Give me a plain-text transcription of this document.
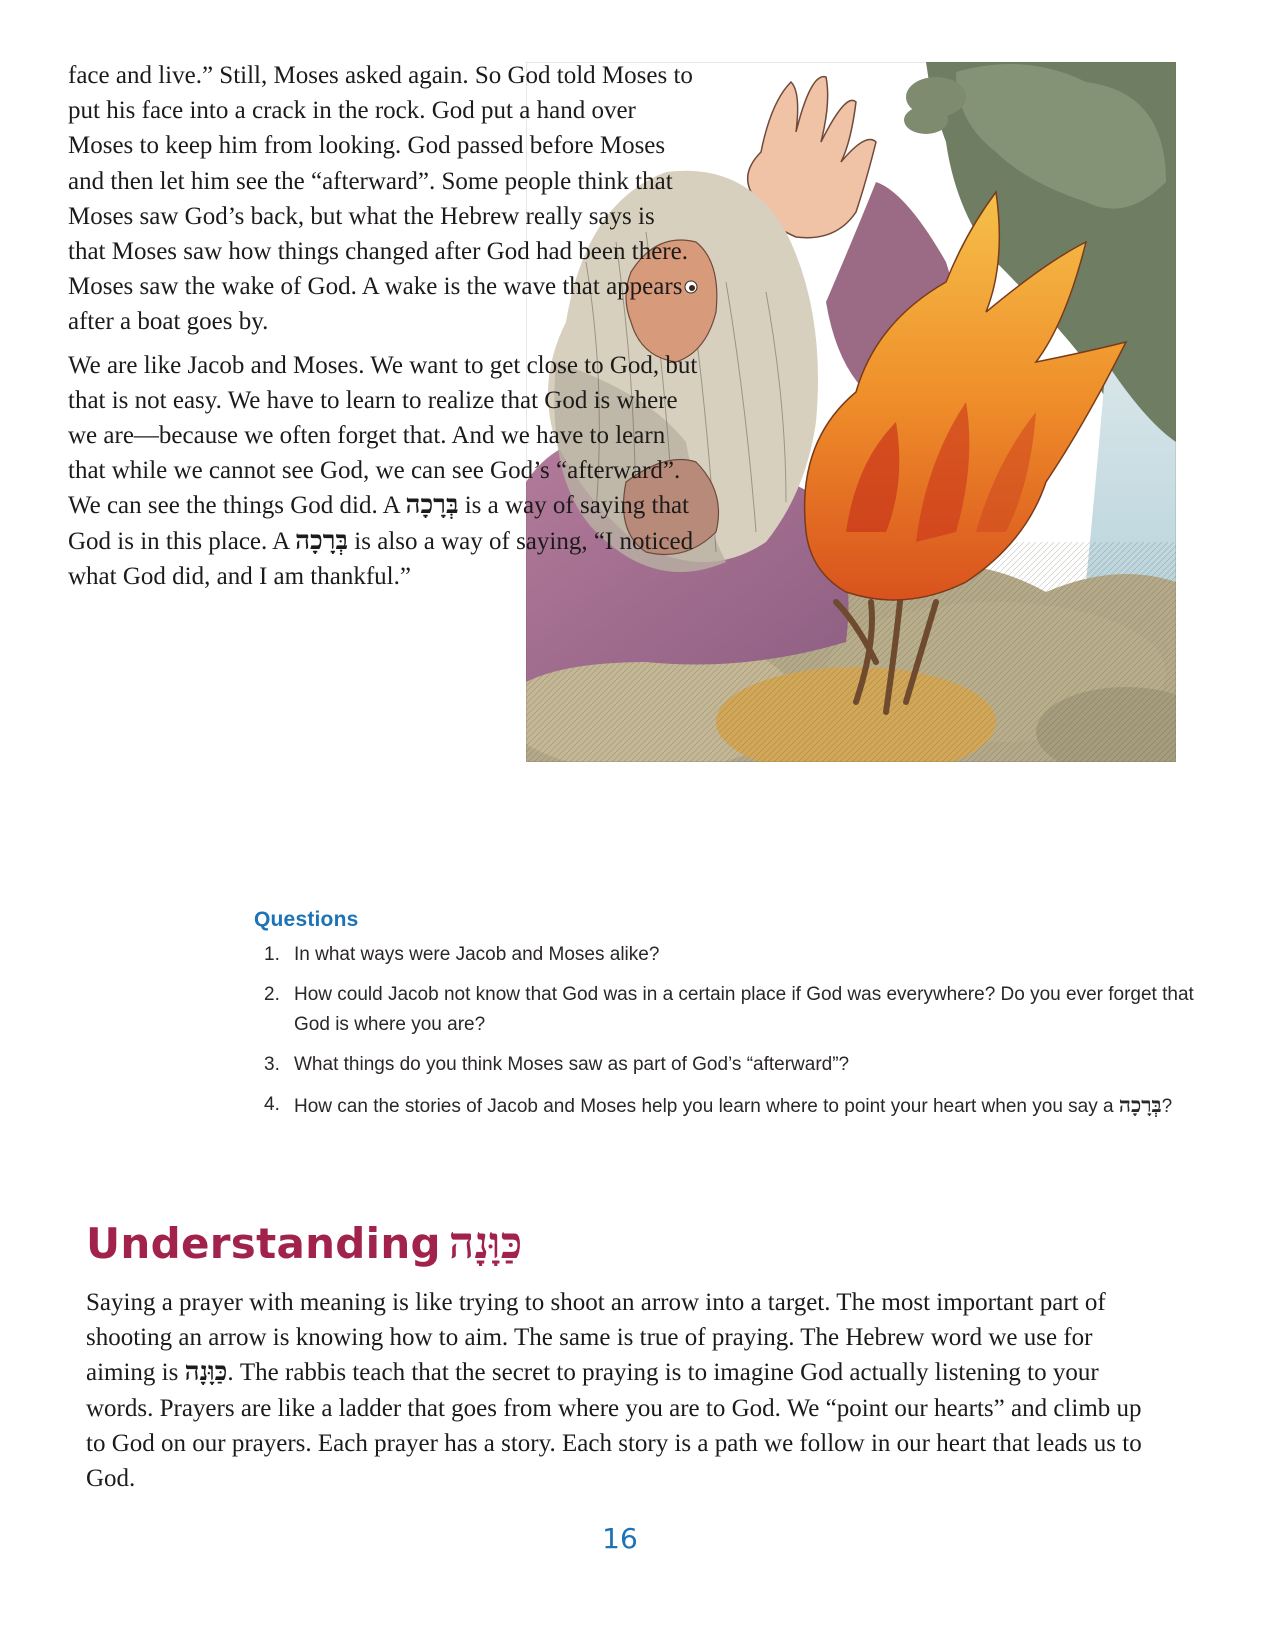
face and live.” Still, Moses asked again. So God told Moses to put his face into a crack in the rock. God put a hand over Moses to keep him from looking. God passed before Moses and then let him see the “afterward”. Some people think that Moses saw God’s back, but what the Hebrew really says is that Moses saw how things changed after God had been there. Moses saw the wake of God. A wake is the wave that appears after a boat goes by.

We are like Jacob and Moses. We want to get close to God, but that is not easy. We have to learn to realize that God is where we are—because we often forget that. And we have to learn that while we cannot see God, we can see God’s “afterward”. We can see the things God did. A בְּרָכָה is a way of saying that God is in this place. A בְּרָכָה is also a way of saying, “I noticed what God did, and I am thankful.”

Questions
1. In what ways were Jacob and Moses alike?
2. How could Jacob not know that God was in a certain place if God was everywhere? Do you ever forget that God is where you are?
3. What things do you think Moses saw as part of God’s “afterward”?
4. How can the stories of Jacob and Moses help you learn where to point your heart when you say a בְּרָכָה?
Understanding כַּוָּנָה

Saying a prayer with meaning is like trying to shoot an arrow into a target. The most important part of shooting an arrow is knowing how to aim. The same is true of praying. The Hebrew word we use for aiming is כַּוָּנָה. The rabbis teach that the secret to praying is to imagine God actually listening to your words. Prayers are like a ladder that goes from where you are to God. We “point our hearts” and climb up to God on our prayers. Each prayer has a story. Each story is a path we follow in our heart that leads us to God.

16
